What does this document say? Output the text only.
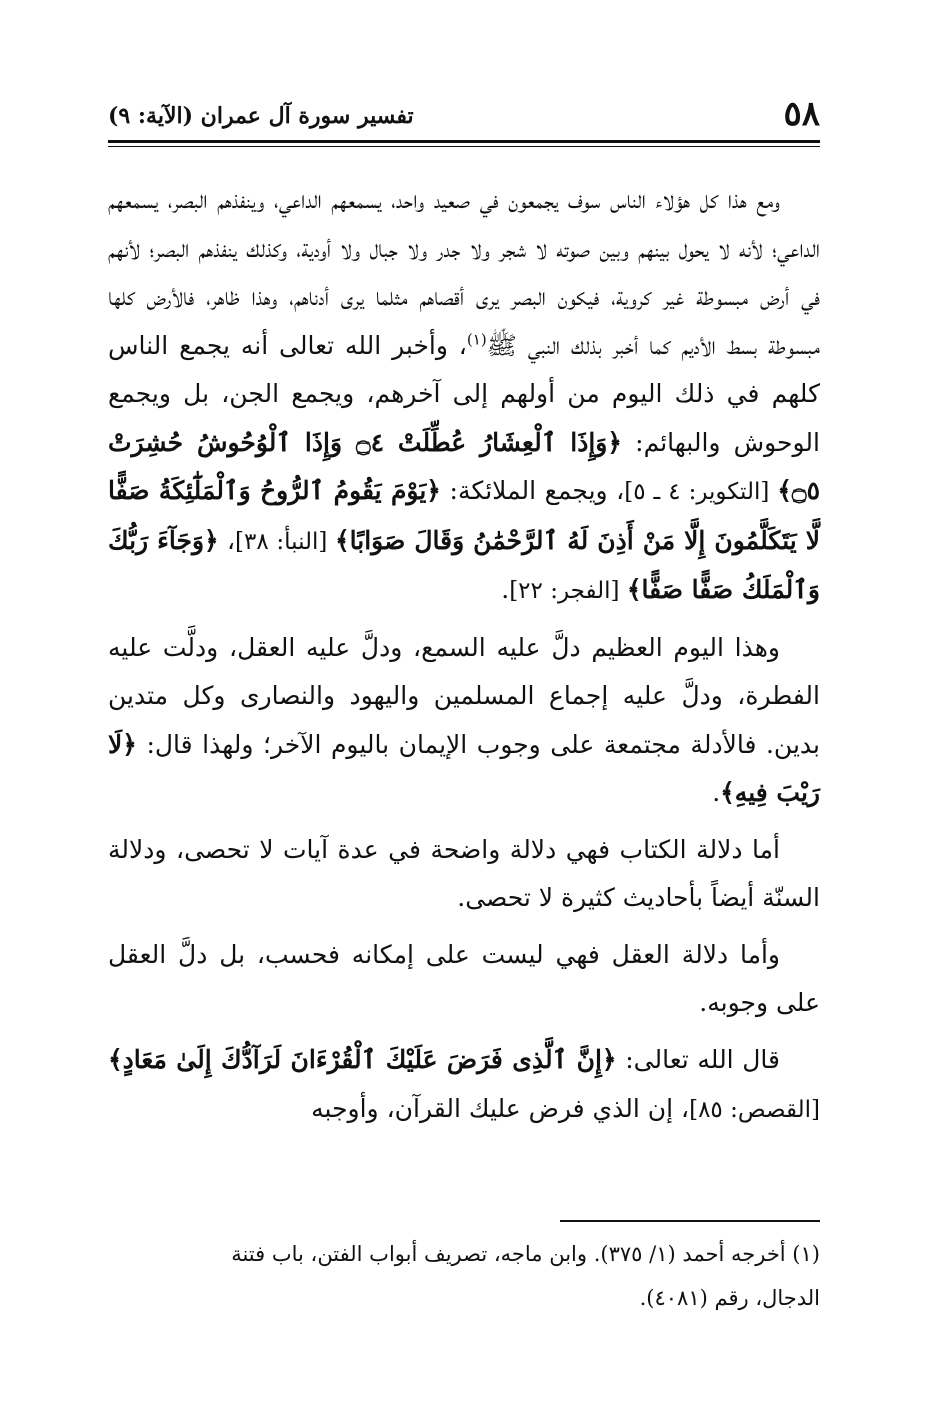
٥٨
تفسير سورة آل عمران (الآية: ٩)

ومع هذا كل هؤلاء الناس سوف يجمعون في صعيد واحد، يسمعهم الداعي، وينفذهم البصر، يسمعهم الداعي؛ لأنه لا يحول بينهم وبين صوته لا شجر ولا جدر ولا جبال ولا أودية، وكذلك ينفذهم البصر؛ لأنهم في أرض مبسوطة غير كروية، فيكون البصر يرى أقصاهم مثلما يرى أدناهم، وهذا ظاهر، فالأرض كلها مبسوطة بسط الأديم كما أخبر بذلك النبي ﷺ$^{(١)}$، وأخبر الله تعالى أنه يجمع الناس كلهم في ذلك اليوم من أولهم إلى آخرهم، ويجمع الجن، بل ويجمع الوحوش والبهائم: ﴿وَإِذَا ٱلْعِشَارُ عُطِّلَتْ ۝٤ وَإِذَا ٱلْوُحُوشُ حُشِرَتْ ۝٥﴾ [التكوير: ٤ ـ ٥]، ويجمع الملائكة: ﴿يَوْمَ يَقُومُ ٱلرُّوحُ وَٱلْمَلَٰٓئِكَةُ صَفًّا لَّا يَتَكَلَّمُونَ إِلَّا مَنْ أَذِنَ لَهُ ٱلرَّحْمَٰنُ وَقَالَ صَوَابًا﴾ [النبأ: ٣٨]، ﴿وَجَآءَ رَبُّكَ وَٱلْمَلَكُ صَفًّا صَفًّا﴾ [الفجر: ٢٢].

وهذا اليوم العظيم دلَّ عليه السمع، ودلَّ عليه العقل، ودلَّت عليه الفطرة، ودلَّ عليه إجماع المسلمين واليهود والنصارى وكل متدين بدين. فالأدلة مجتمعة على وجوب الإيمان باليوم الآخر؛ ولهذا قال: ﴿لَا رَيْبَ فِيهِ﴾.

أما دلالة الكتاب فهي دلالة واضحة في عدة آيات لا تحصى، ودلالة السنّة أيضاً بأحاديث كثيرة لا تحصى.

وأما دلالة العقل فهي ليست على إمكانه فحسب، بل دلَّ العقل على وجوبه.

قال الله تعالى: ﴿إِنَّ ٱلَّذِى فَرَضَ عَلَيْكَ ٱلْقُرْءَانَ لَرَآدُّكَ إِلَىٰ مَعَادٍ﴾ [القصص: ٨٥]، إن الذي فرض عليك القرآن، وأوجبه

(١) أخرجه أحمد (١/ ٣٧٥). وابن ماجه، تصريف أبواب الفتن، باب فتنة

الدجال، رقم (٤٠٨١).
